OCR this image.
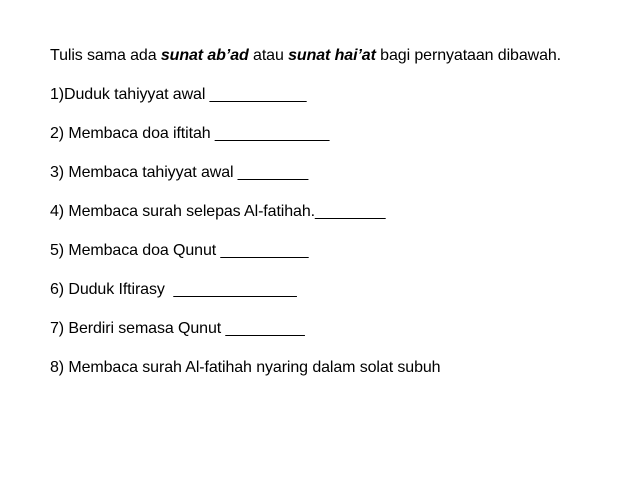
Tulis sama ada sunat ab’ad atau sunat hai’at bagi pernyataan dibawah.

1)Duduk tahiyyat awal ___________
2) Membaca doa iftitah _____________
3) Membaca tahiyyat awal ________
4) Membaca surah selepas Al-fatihah.________
5) Membaca doa Qunut __________
6) Duduk Iftirasy  ______________
7) Berdiri semasa Qunut _________
8) Membaca surah Al-fatihah nyaring dalam solat subuh
